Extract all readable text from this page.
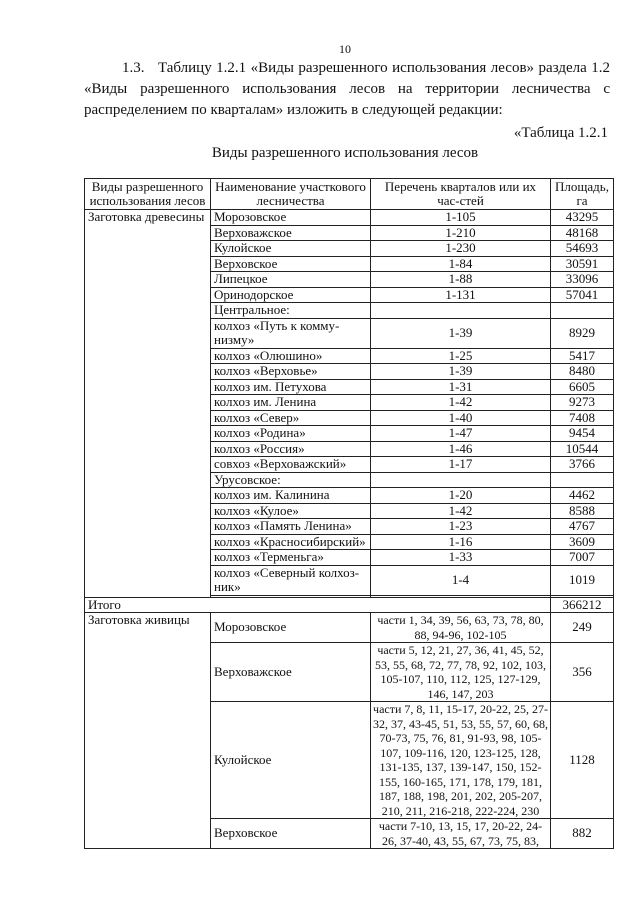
10

1.3. Таблицу 1.2.1 «Виды разрешенного использования лесов» раздела 1.2 «Виды разрешенного использования лесов на территории лесничества с распределением по кварталам» изложить в следующей редакции:

«Таблица 1.2.1
Виды разрешенного использования лесов
Виды разрешенного использования лесов	Наименование участкового лесничества	Перечень кварталов или их час-стей	Площадь, га
Заготовка древесины	Морозовское	1-105	43295
	Верховажское	1-210	48168
	Кулойское	1-230	54693
	Верховское	1-84	30591
	Липецкое	1-88	33096
	Оринодорское	1-131	57041
	Центральное:		
	колхоз «Путь к комму-низму»	1-39	8929
	колхоз «Олюшино»	1-25	5417
	колхоз «Верховье»	1-39	8480
	колхоз им. Петухова	1-31	6605
	колхоз им. Ленина	1-42	9273
	колхоз «Север»	1-40	7408
	колхоз «Родина»	1-47	9454
	колхоз «Россия»	1-46	10544
	совхоз «Верховажский»	1-17	3766
	Урусовское:		
	колхоз им. Калинина	1-20	4462
	колхоз «Кулое»	1-42	8588
	колхоз «Память Ленина»	1-23	4767
	колхоз «Красносибирский»	1-16	3609
	колхоз «Терменьга»	1-33	7007
	колхоз «Северный колхоз-ник»	1-4	1019

Итого			366212
Заготовка живицы	Морозовское	части 1, 34, 39, 56, 63, 73, 78, 80, 88, 94-96, 102-105	249
	Верховажское	части 5, 12, 21, 27, 36, 41, 45, 52, 53, 55, 68, 72, 77, 78, 92, 102, 103, 105-107, 110, 112, 125, 127-129, 146, 147, 203	356
	Кулойское	части 7, 8, 11, 15-17, 20-22, 25, 27-32, 37, 43-45, 51, 53, 55, 57, 60, 68, 70-73, 75, 76, 81, 91-93, 98, 105-107, 109-116, 120, 123-125, 128, 131-135, 137, 139-147, 150, 152-155, 160-165, 171, 178, 179, 181, 187, 188, 198, 201, 202, 205-207, 210, 211, 216-218, 222-224, 230	1128
	Верховское	части 7-10, 13, 15, 17, 20-22, 24-26, 37-40, 43, 55, 67, 73, 75, 83,	882
